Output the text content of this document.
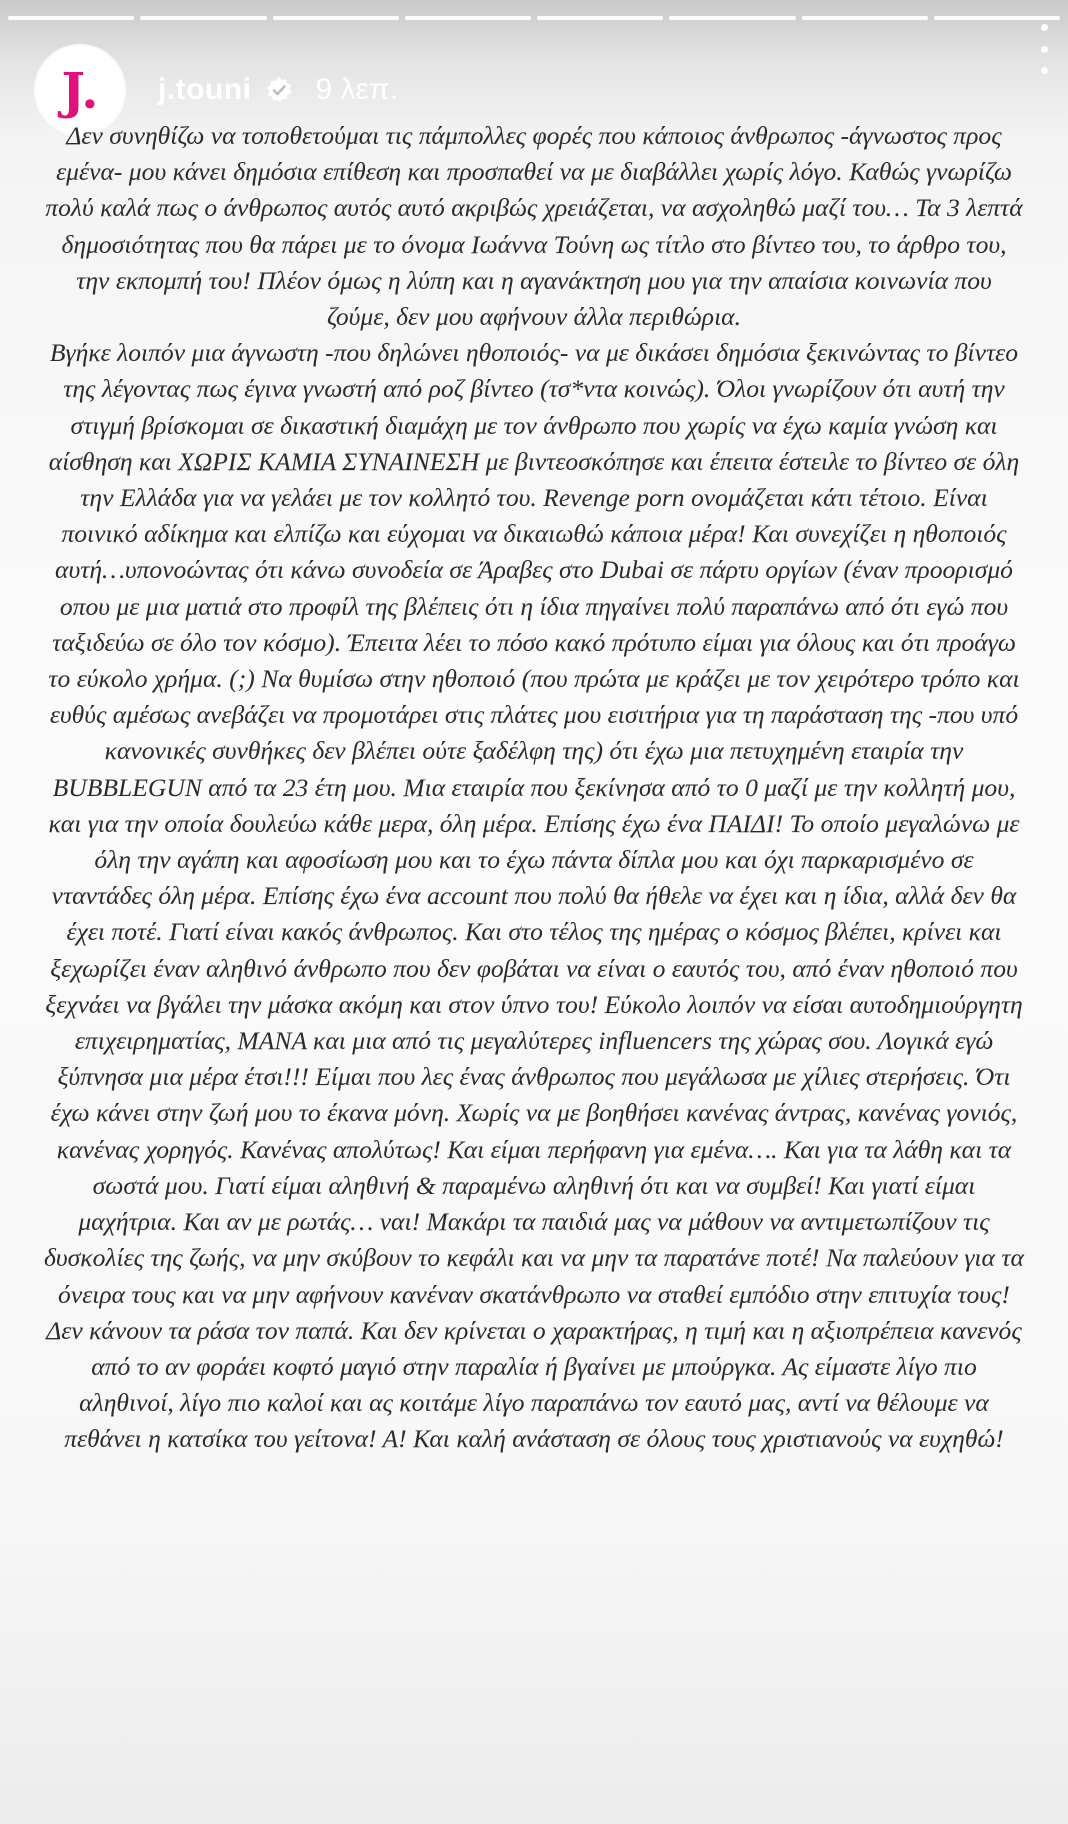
J. j.touni 9 λεπ.

Δεν συνηθίζω να τοποθετούμαι τις πάμπολλες φορές που κάποιος άνθρωπος -άγνωστος προς εμένα- μου κάνει δημόσια επίθεση και προσπαθεί να με διαβάλλει χωρίς λόγο. Καθώς γνωρίζω πολύ καλά πως ο άνθρωπος αυτός αυτό ακριβώς χρειάζεται, να ασχοληθώ μαζί του… Τα 3 λεπτά δημοσιότητας που θα πάρει με το όνομα Ιωάννα Τούνη ως τίτλο στο βίντεο του, το άρθρο του, την εκπομπή του! Πλέον όμως η λύπη και η αγανάκτηση μου για την απαίσια κοινωνία που ζούμε, δεν μου αφήνουν άλλα περιθώρια.

Βγήκε λοιπόν μια άγνωστη -που δηλώνει ηθοποιός- να με δικάσει δημόσια ξεκινώντας το βίντεο της λέγοντας πως έγινα γνωστή από ροζ βίντεο (τσ*ντα κοινώς). Όλοι γνωρίζουν ότι αυτή την στιγμή βρίσκομαι σε δικαστική διαμάχη με τον άνθρωπο που χωρίς να έχω καμία γνώση και αίσθηση και ΧΩΡΙΣ ΚΑΜΙΑ ΣΥΝΑΙΝΕΣΗ με βιντεοσκόπησε και έπειτα έστειλε το βίντεο σε όλη την Ελλάδα για να γελάει με τον κολλητό του. Revenge porn ονομάζεται κάτι τέτοιο. Είναι ποινικό αδίκημα και ελπίζω και εύχομαι να δικαιωθώ κάποια μέρα! Και συνεχίζει η ηθοποιός αυτή…υπονοώντας ότι κάνω συνοδεία σε Άραβες στο Dubai σε πάρτυ οργίων (έναν προορισμό οπου με μια ματιά στο προφίλ της βλέπεις ότι η ίδια πηγαίνει πολύ παραπάνω από ότι εγώ που ταξιδεύω σε όλο τον κόσμο). Έπειτα λέει το πόσο κακό πρότυπο είμαι για όλους και ότι προάγω το εύκολο χρήμα. (;) Να θυμίσω στην ηθοποιό (που πρώτα με κράζει με τον χειρότερο τρόπο και ευθύς αμέσως ανεβάζει να προμοτάρει στις πλάτες μου εισιτήρια για τη παράσταση της -που υπό κανονικές συνθήκες δεν βλέπει ούτε ξαδέλφη της) ότι έχω μια πετυχημένη εταιρία την BUBBLEGUN από τα 23 έτη μου. Μια εταιρία που ξεκίνησα από το 0 μαζί με την κολλητή μου, και για την οποία δουλεύω κάθε μερα, όλη μέρα. Επίσης έχω ένα ΠΑΙΔΙ! Το οποίο μεγαλώνω με όλη την αγάπη και αφοσίωση μου και το έχω πάντα δίπλα μου και όχι παρκαρισμένο σε νταντάδες όλη μέρα. Επίσης έχω ένα account που πολύ θα ήθελε να έχει και η ίδια, αλλά δεν θα έχει ποτέ. Γιατί είναι κακός άνθρωπος. Και στο τέλος της ημέρας ο κόσμος βλέπει, κρίνει και ξεχωρίζει έναν αληθινό άνθρωπο που δεν φοβάται να είναι ο εαυτός του, από έναν ηθοποιό που ξεχνάει να βγάλει την μάσκα ακόμη και στον ύπνο του! Εύκολο λοιπόν να είσαι αυτοδημιούργητη επιχειρηματίας, ΜΑΝΑ και μια από τις μεγαλύτερες influencers της χώρας σου. Λογικά εγώ ξύπνησα μια μέρα έτσι!!! Είμαι που λες ένας άνθρωπος που μεγάλωσα με χίλιες στερήσεις. Ότι έχω κάνει στην ζωή μου το έκανα μόνη. Χωρίς να με βοηθήσει κανένας άντρας, κανένας γονιός, κανένας χορηγός. Κανένας απολύτως! Και είμαι περήφανη για εμένα…. Και για τα λάθη και τα σωστά μου. Γιατί είμαι αληθινή & παραμένω αληθινή ότι και να συμβεί! Και γιατί είμαι μαχήτρια. Και αν με ρωτάς… ναι! Μακάρι τα παιδιά μας να μάθουν να αντιμετωπίζουν τις δυσκολίες της ζωής, να μην σκύβουν το κεφάλι και να μην τα παρατάνε ποτέ! Να παλεύουν για τα όνειρα τους και να μην αφήνουν κανέναν σκατάνθρωπο να σταθεί εμπόδιο στην επιτυχία τους! Δεν κάνουν τα ράσα τον παπά. Και δεν κρίνεται ο χαρακτήρας, η τιμή και η αξιοπρέπεια κανενός από το αν φοράει κοφτό μαγιό στην παραλία ή βγαίνει με μπούργκα. Ας είμαστε λίγο πιο αληθινοί, λίγο πιο καλοί και ας κοιτάμε λίγο παραπάνω τον εαυτό μας, αντί να θέλουμε να πεθάνει η κατσίκα του γείτονα! Α! Και καλή ανάσταση σε όλους τους χριστιανούς να ευχηθώ!
